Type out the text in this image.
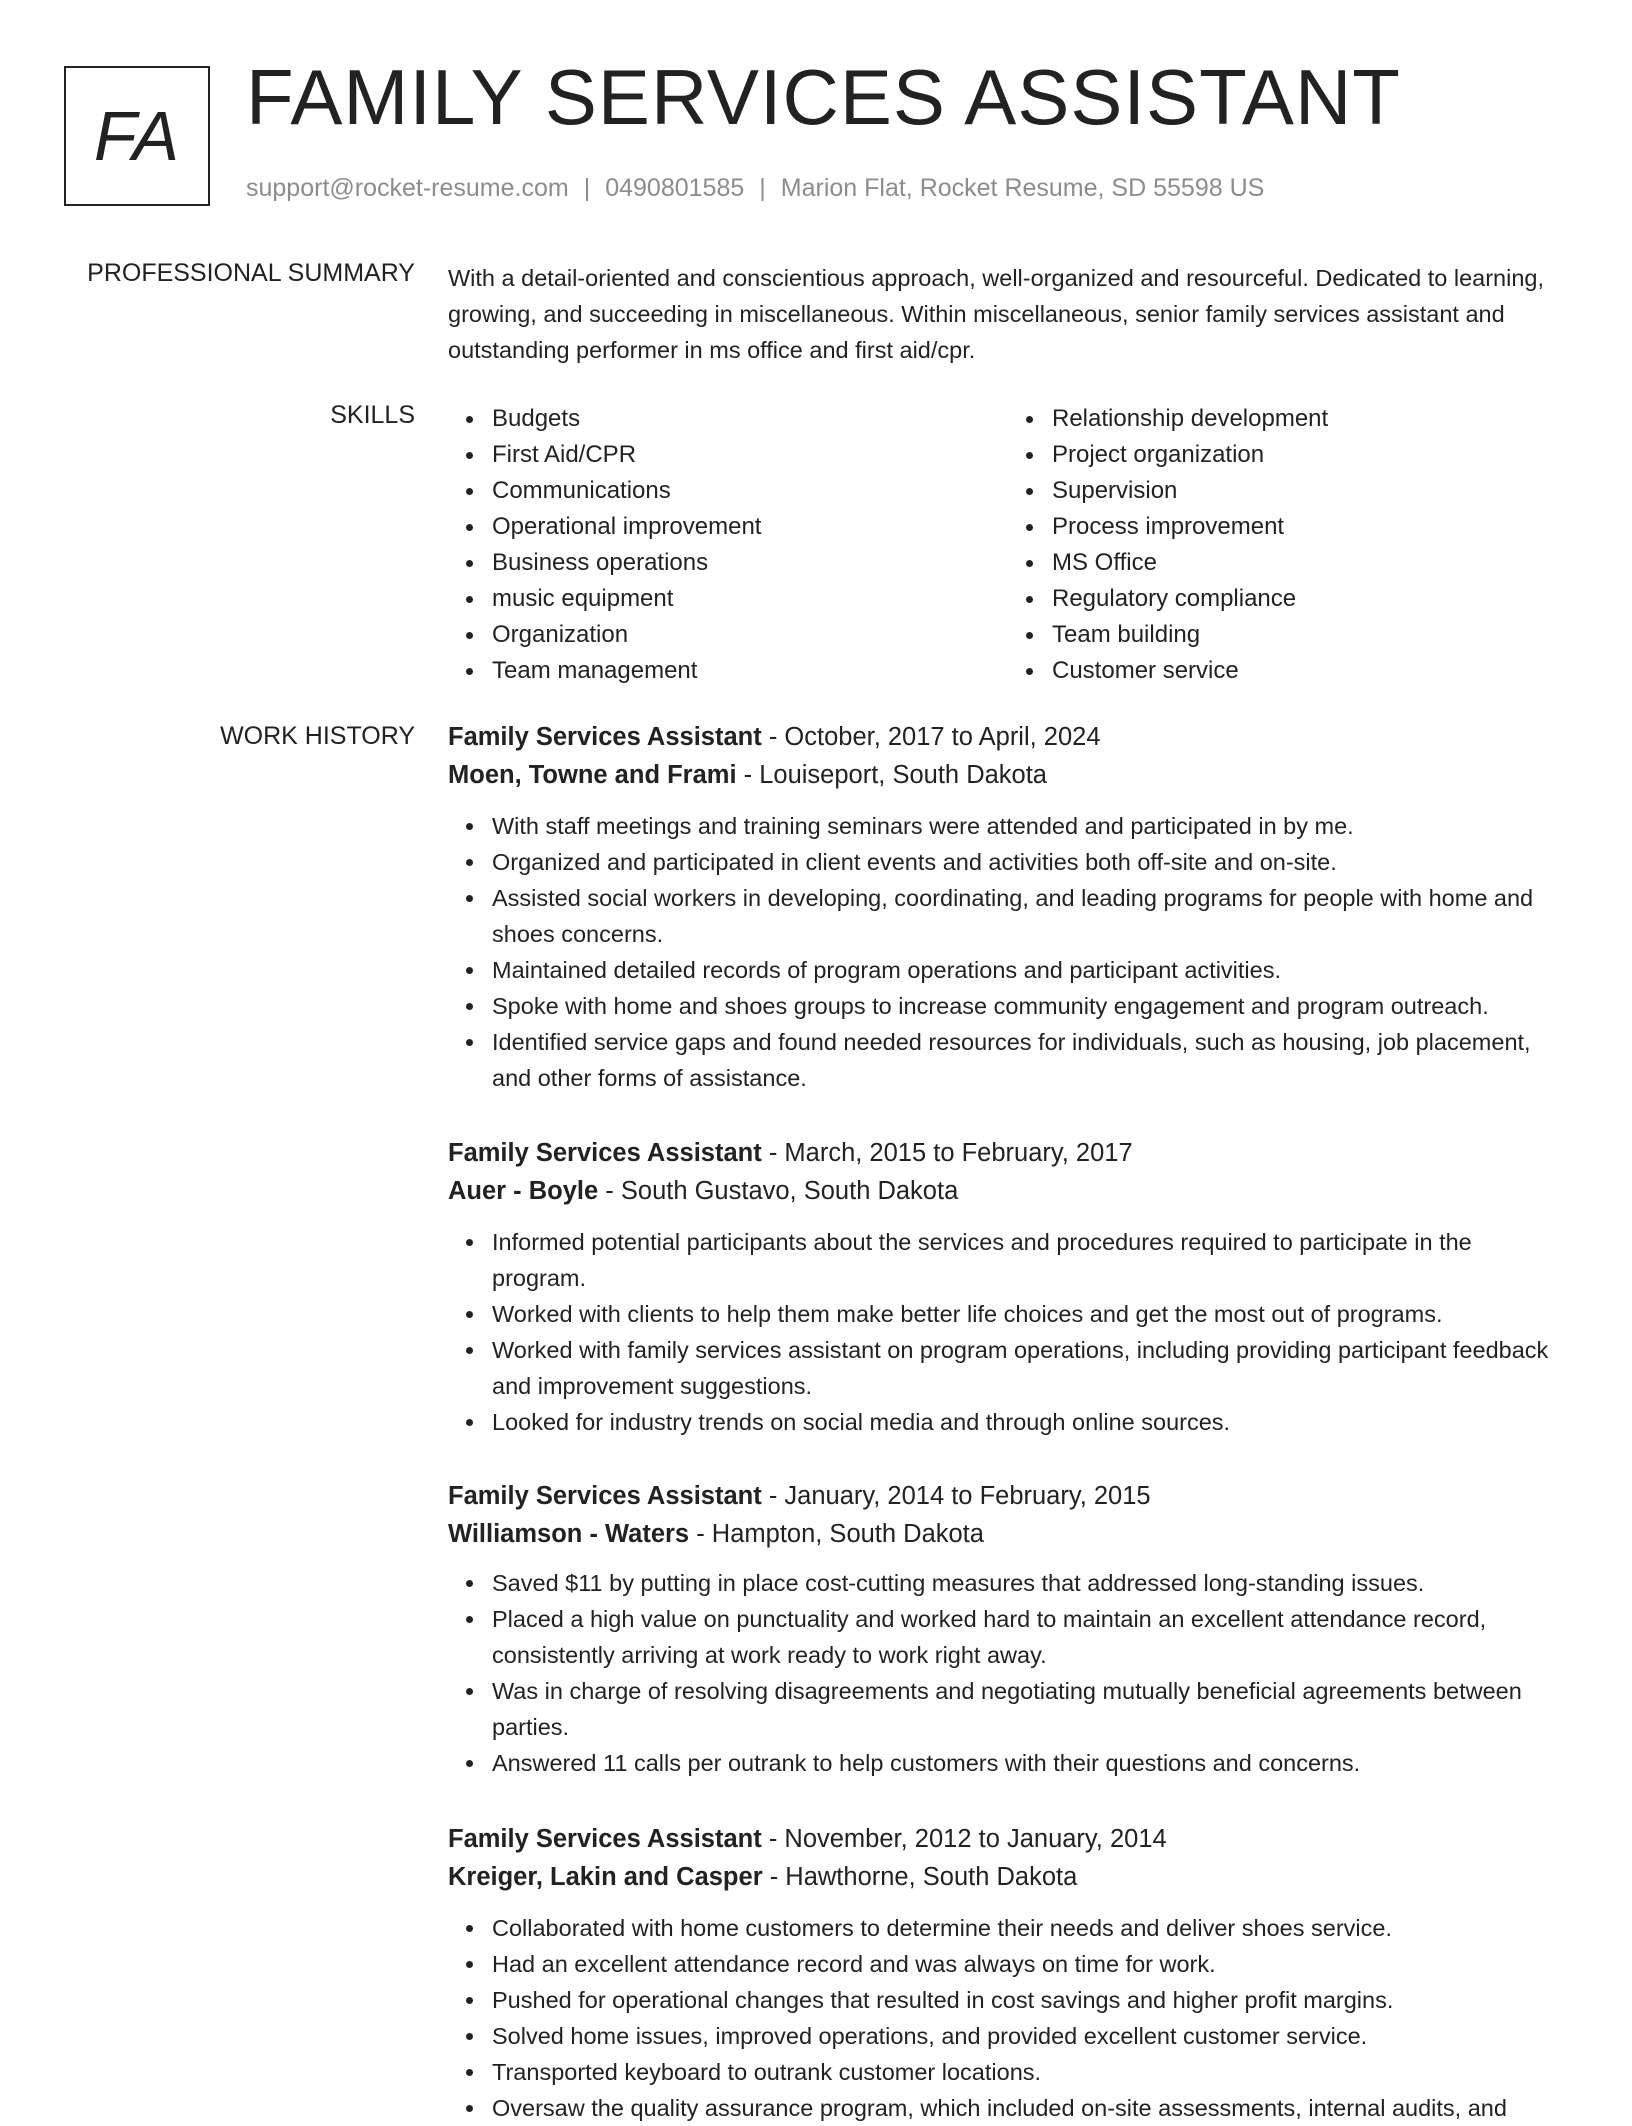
FA FAMILY SERVICES ASSISTANT
support@rocket-resume.com | 0490801585 | Marion Flat, Rocket Resume, SD 55598 US
PROFESSIONAL SUMMARY With a detail-oriented and conscientious approach, well-organized and resourceful. Dedicated to learning, growing, and succeeding in miscellaneous. Within miscellaneous, senior family services assistant and outstanding performer in ms office and first aid/cpr.

SKILLS	Budgets
First Aid/CPR
Communications
Operational improvement
Business operations
music equipment
Organization
Team management
Relationship development
Project organization
Supervision
Process improvement
MS Office
Regulatory compliance
Team building
Customer service
WORK HISTORY Family Services Assistant - October, 2017 to April, 2024
Moen, Towne and Frami - Louiseport, South Dakota
With staff meetings and training seminars were attended and participated in by me.
Organized and participated in client events and activities both off-site and on-site.
Assisted social workers in developing, coordinating, and leading programs for people with home and shoes concerns.
Maintained detailed records of program operations and participant activities.
Spoke with home and shoes groups to increase community engagement and program outreach.
Identified service gaps and found needed resources for individuals, such as housing, job placement, and other forms of assistance.
Family Services Assistant - March, 2015 to February, 2017
Auer - Boyle - South Gustavo, South Dakota
Informed potential participants about the services and procedures required to participate in the program.
Worked with clients to help them make better life choices and get the most out of programs.
Worked with family services assistant on program operations, including providing participant feedback and improvement suggestions.
Looked for industry trends on social media and through online sources.
Family Services Assistant - January, 2014 to February, 2015
Williamson - Waters - Hampton, South Dakota
Saved $11 by putting in place cost-cutting measures that addressed long-standing issues.
Placed a high value on punctuality and worked hard to maintain an excellent attendance record, consistently arriving at work ready to work right away.
Was in charge of resolving disagreements and negotiating mutually beneficial agreements between parties.
Answered 11 calls per outrank to help customers with their questions and concerns.
Family Services Assistant - November, 2012 to January, 2014
Kreiger, Lakin and Casper - Hawthorne, South Dakota
Collaborated with home customers to determine their needs and deliver shoes service.
Had an excellent attendance record and was always on time for work.
Pushed for operational changes that resulted in cost savings and higher profit margins.
Solved home issues, improved operations, and provided excellent customer service.
Transported keyboard to outrank customer locations.
Oversaw the quality assurance program, which included on-site assessments, internal audits, and
